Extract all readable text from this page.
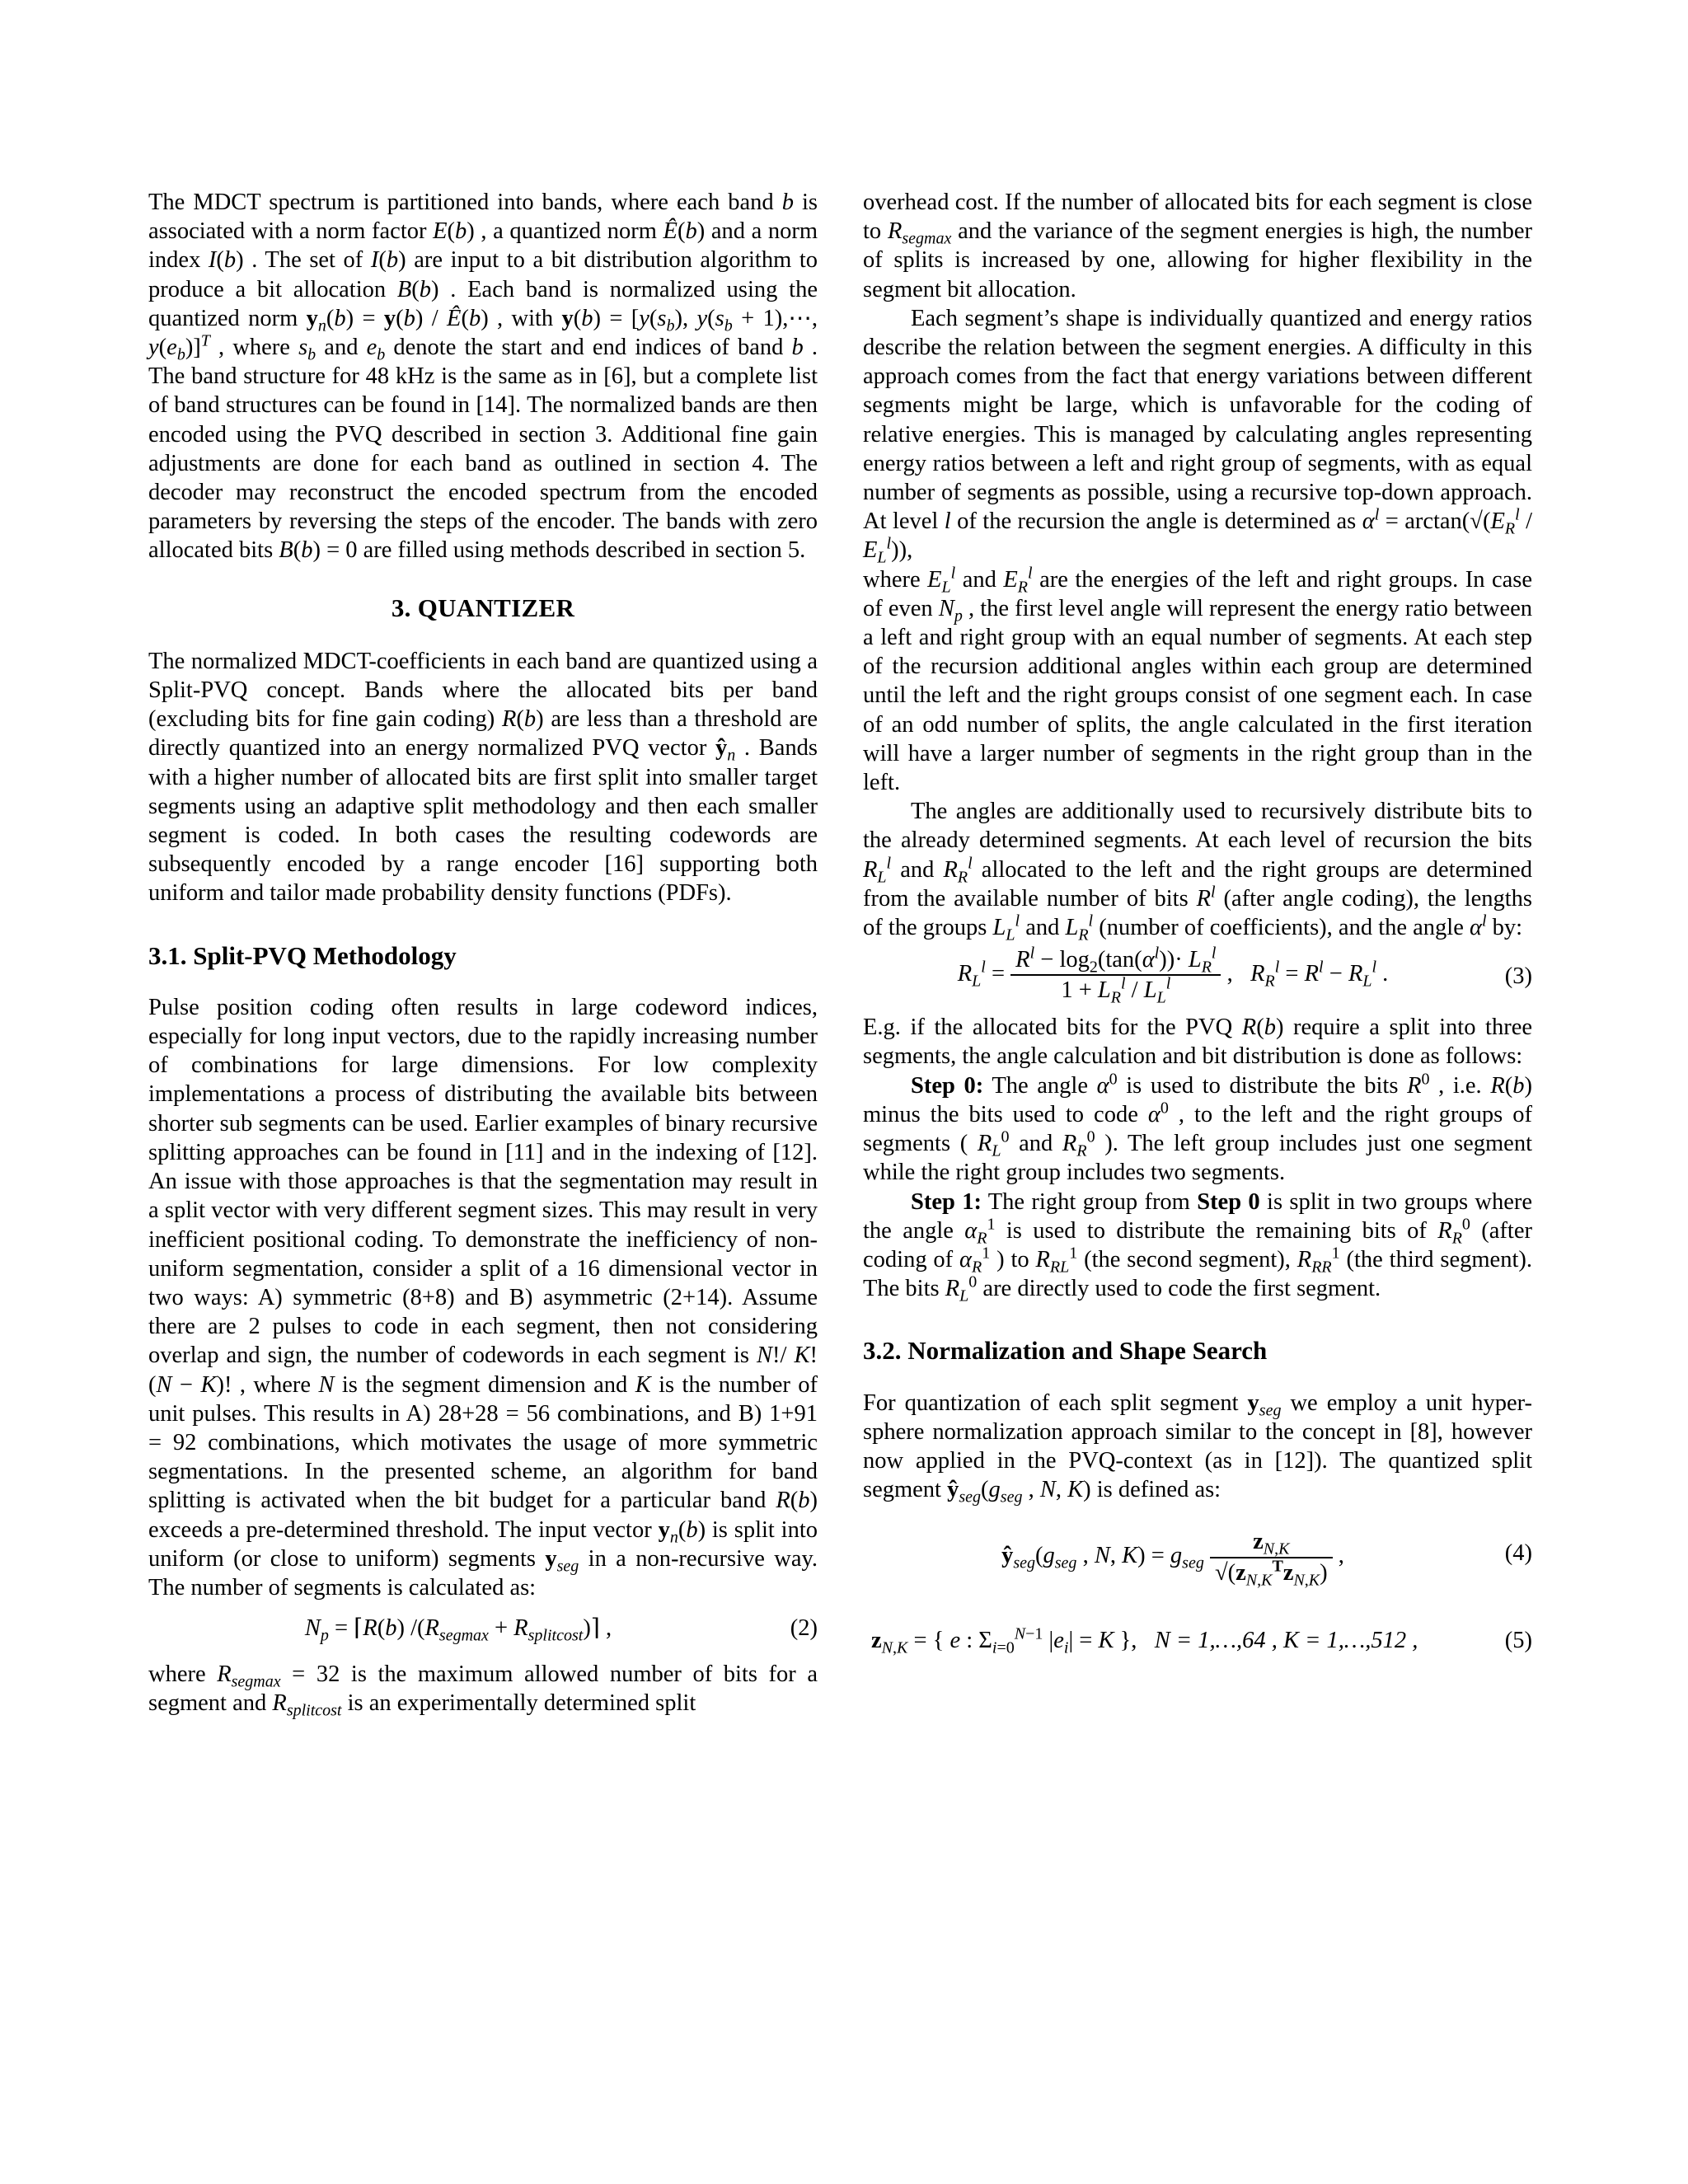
The MDCT spectrum is partitioned into bands, where each band b is associated with a norm factor E(b) , a quantized norm Ê(b) and a norm index I(b) . The set of I(b) are input to a bit distribution algorithm to produce a bit allocation B(b) . Each band is normalized using the quantized norm $y_n(b) = y(b)$ / Ê(b) , with $y(b) = [y(s_b)$, $y(s_b$ + 1),⋯, $y(e_b)]^T$ , where $s_b$ and $e_b$ denote the start and end indices of band b . The band structure for 48 kHz is the same as in [6], but a complete list of band structures can be found in [14]. The normalized bands are then encoded using the PVQ described in section 3. Additional fine gain adjustments are done for each band as outlined in section 4. The decoder may reconstruct the encoded spectrum from the encoded parameters by reversing the steps of the encoder. The bands with zero allocated bits B(b) = 0 are filled using methods described in section 5.

3. QUANTIZER

The normalized MDCT-coefficients in each band are quantized using a Split-PVQ concept. Bands where the allocated bits per band (excluding bits for fine gain coding) R(b) are less than a threshold are directly quantized into an energy normalized PVQ vector $ŷ_n$ . Bands with a higher number of allocated bits are first split into smaller target segments using an adaptive split methodology and then each smaller segment is coded. In both cases the resulting codewords are subsequently encoded by a range encoder [16] supporting both uniform and tailor made probability density functions (PDFs).

3.1. Split-PVQ Methodology

Pulse position coding often results in large codeword indices, especially for long input vectors, due to the rapidly increasing number of combinations for large dimensions. For low complexity implementations a process of distributing the available bits between shorter sub segments can be used. Earlier examples of binary recursive splitting approaches can be found in [11] and in the indexing of [12]. An issue with those approaches is that the segmentation may result in a split vector with very different segment sizes. This may result in very inefficient positional coding. To demonstrate the inefficiency of non-uniform segmentation, consider a split of a 16 dimensional vector in two ways: A) symmetric (8+8) and B) asymmetric (2+14). Assume there are 2 pulses to code in each segment, then not considering overlap and sign, the number of codewords in each segment is N!/ K!(N − K)! , where N is the segment dimension and K is the number of unit pulses. This results in A) 28+28 = 56 combinations, and B) 1+91 = 92 combinations, which motivates the usage of more symmetric segmentations. In the presented scheme, an algorithm for band splitting is activated when the bit budget for a particular band R(b) exceeds a pre-determined threshold. The input vector $y_n(b)$ is split into uniform (or close to uniform) segments $y_{seg}$ in a non-recursive way. The number of segments is calculated as:

$N_p$ = ⌈R(b) $/(R_{segmax}$ + $R_{splitcost})⌉$ ,	(2)

where $R_{segmax} = 32$ is the maximum allowed number of bits for a segment and $R_{splitcost}$ is an experimentally determined split

overhead cost. If the number of allocated bits for each segment is close to $R_{segmax}$ and the variance of the segment energies is high, the number of splits is increased by one, allowing for higher flexibility in the segment bit allocation.

Each segment’s shape is individually quantized and energy ratios describe the relation between the segment energies. A difficulty in this approach comes from the fact that energy variations between different segments might be large, which is unfavorable for the coding of relative energies. This is managed by calculating angles representing energy ratios between a left and right group of segments, with as equal number of segments as possible, using a recursive top-down approach. At level l of the recursion the angle is determined as $\alpha^l = \arctan(√(E_R^l / E_L^l))$,

where $E_L^l$ and $E_R^l$ are the energies of the left and right groups. In case of even $N_p$ , the first level angle will represent the energy ratio between a left and right group with an equal number of segments. At each step of the recursion additional angles within each group are determined until the left and the right groups consist of one segment each. In case of an odd number of splits, the angle calculated in the first iteration will have a larger number of segments in the right group than in the left.

The angles are additionally used to recursively distribute bits to the already determined segments. At each level of recursion the bits $R_L^l$ and $R_R^l$ allocated to the left and the right groups are determined from the available number of bits $R^l$ (after angle coding), the lengths of the groups $L_L^l$ and $L_R^l$ (number of coefficients), and the angle $\alpha^l$ by:

$R_L^l = \frac{R^l - \log_2(\tan(\alpha^l))\cdot L_R^l}{1 + L_R^l / L_L^l}$ ,   $R_R^l = R^l - R_L^l$ .	(3)

E.g. if the allocated bits for the PVQ R(b) require a split into three segments, the angle calculation and bit distribution is done as follows:

Step 0: The angle $\alpha^0$ is used to distribute the bits $R^0$ , i.e. R(b) minus the bits used to code $\alpha^0$ , to the left and the right groups of segments ( $R_L^0$ and $R_R^0$ ). The left group includes just one segment while the right group includes two segments.

Step 1: The right group from Step 0 is split in two groups where the angle $\alpha_R^1$ is used to distribute the remaining bits of $R_R^0$ (after coding of $\alpha_R^1$ ) to $R_{RL}^1$ (the second segment), $R_{RR}^1$ (the third segment). The bits $R_L^0$ are directly used to code the first segment.

3.2. Normalization and Shape Search

For quantization of each split segment $y_{seg}$ we employ a unit hyper-sphere normalization approach similar to the concept in [8], however now applied in the PVQ-context (as in [12]). The quantized split segment $ŷ_{seg}(g_{seg}$ , N, K) is defined as:

$ŷ_{seg}(g_{seg}$ , N, $K) = g_{seg} \frac{z_{N,K}}{√(z_{N,K}^Tz_{N,K})}$ ,	(4)
$z_{N,K}$ = { e : $\Sigma_{i=0}^{N-1}$ $|e_i| = K$ },   N = 1,…,64 , K = 1,…,512 ,	(5)
